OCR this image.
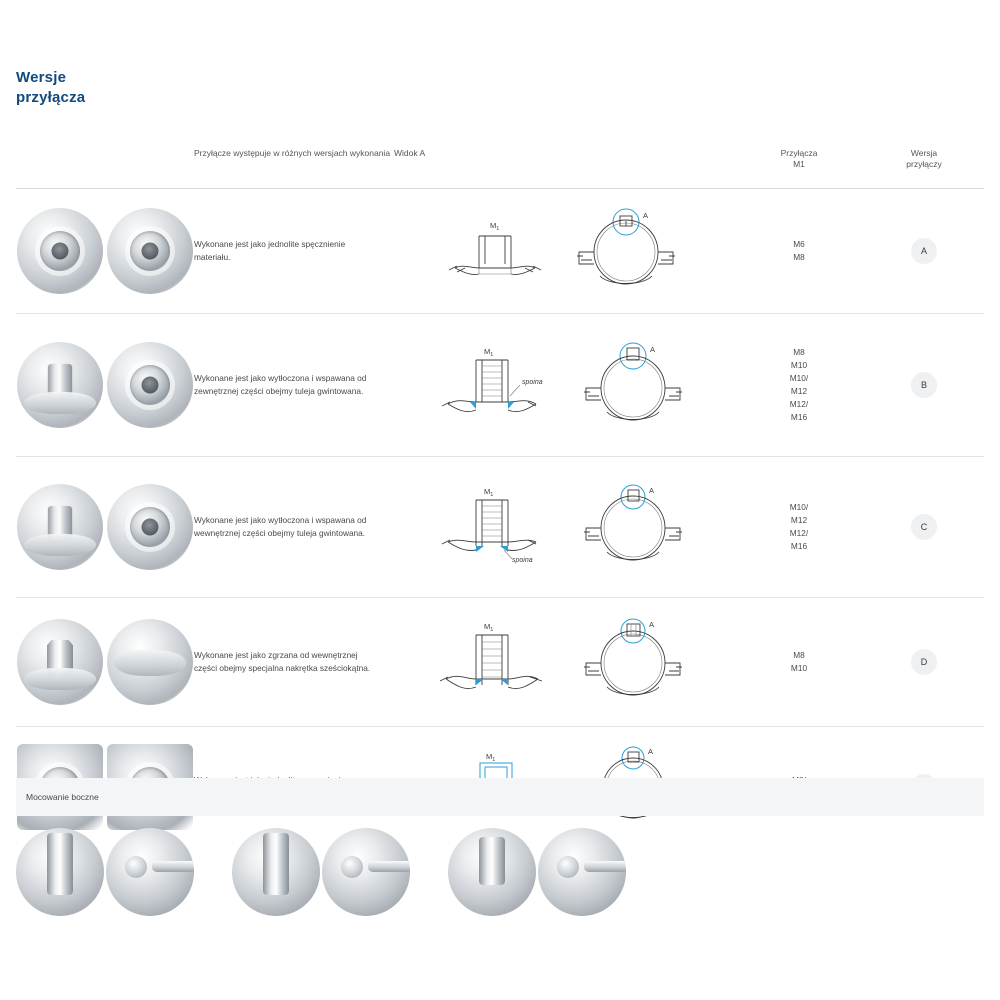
Wersje
przyłącza
Przyłącze występuje w różnych wersjach wykonania Widok A	Przyłącza
M1
Wersja
przyłączy
Wykonane jest jako jednolite spęcznienie materiału.
$M_1$
A
M6
M8
A
Wykonane jest jako wytłoczona i wspawana od zewnętrznej części obejmy tuleja gwintowana.
$M_1$
spoina
A	M8
M10
M10/
M12
M12/
M16
B
Wykonane jest jako wytłoczona i wspawana od wewnętrznej części obejmy tuleja gwintowana.
$M_1$
spoina
A
M10/
M12
M12/
M16
C
Wykonane jest jako zgrzana od wewnętrznej części obejmy specjalna nakrętka sześciokątna.
$M_1$
A
M8
M10
D
$M_1$
A
Mocowanie boczne
